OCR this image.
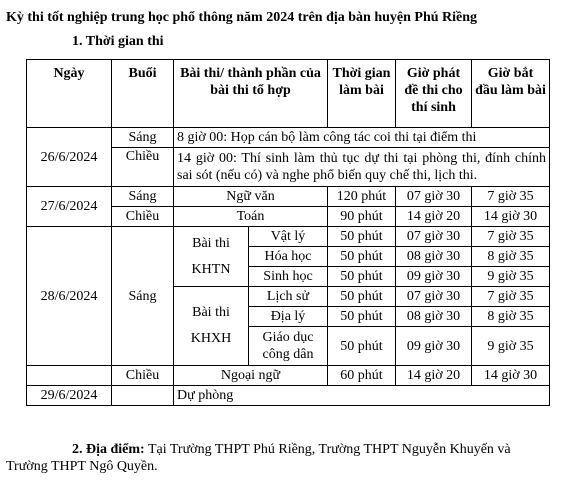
Kỳ thi tốt nghiệp trung học phổ thông năm 2024 trên địa bàn huyện Phú Riềng
1. Thời gian thi
Ngày	Buổi	Bài thi/ thành phần của bài thi tổ hợp		Thời gian làm bài	Giờ phát đề thi cho thí sinh	Giờ bắt đầu làm bài
26/6/2024	Sáng	8 giờ 00: Họp cán bộ làm công tác coi thi tại điểm thi				
	Chiều	14 giờ 00: Thí sinh làm thủ tục dự thi tại phòng thi, đính chính sai sót (nếu có) và nghe phổ biến quy chế thi, lịch thi.				
27/6/2024	Sáng	Ngữ văn		120 phút	07 giờ 30	7 giờ 35
	Chiều	Toán		90 phút	14 giờ 20	14 giờ 30
28/6/2024	Sáng	Bài thi
KHTN	Vật lý	50 phút	07 giờ 30	7 giờ 35
			Hóa học	50 phút	08 giờ 30	8 giờ 35
			Sinh học	50 phút	09 giờ 30	9 giờ 35

		Bài thi
KHXH	Lịch sử	50 phút	07 giờ 30	7 giờ 35
			Địa lý	50 phút	08 giờ 30	8 giờ 35
			Giáo dục công dân	50 phút	09 giờ 30	9 giờ 35
	Chiều	Ngoại ngữ		60 phút	14 giờ 20	14 giờ 30
29/6/2024		Dự phòng				
2. Địa điểm: Tại Trường THPT Phú Riềng, Trường THPT Nguyễn Khuyến và Trường THPT Ngô Quyền.
